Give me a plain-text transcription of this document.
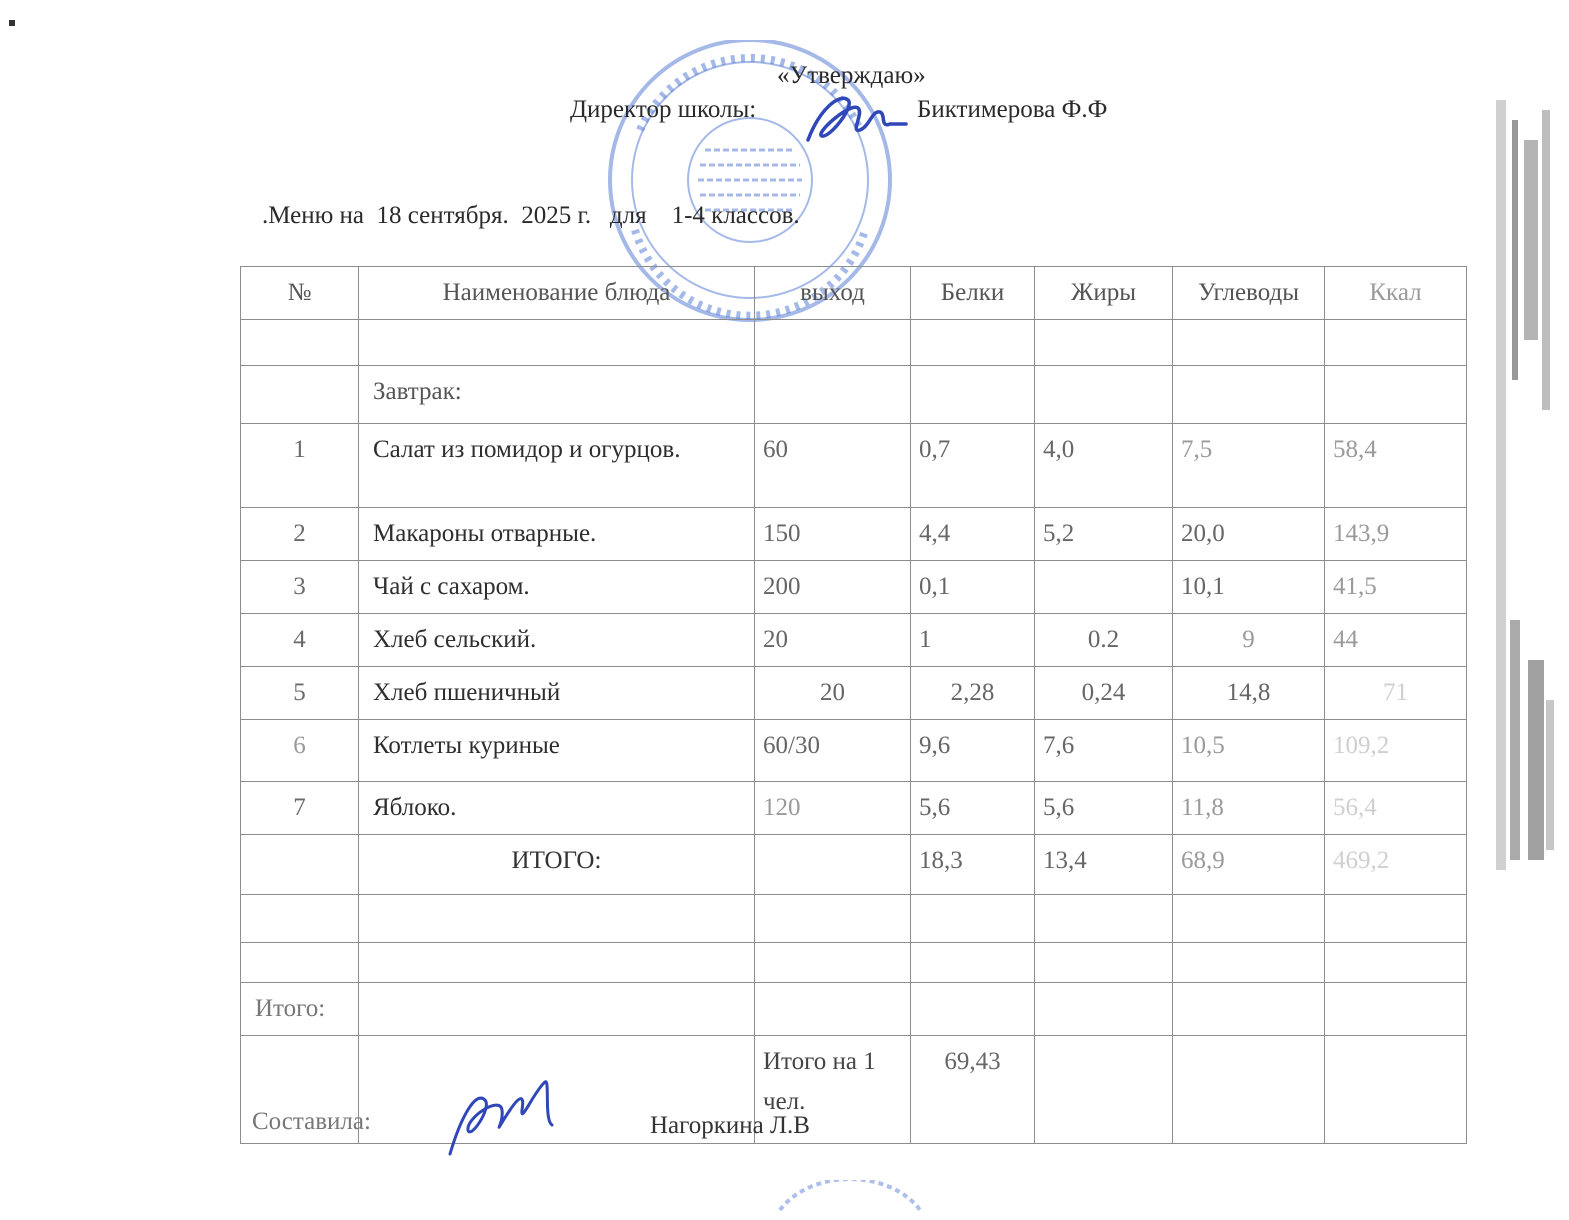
«Утверждаю»
Директор школы:	Биктимерова Ф.Ф
.Меню на  18 сентября.  2025 г.   для    1-4 классов.
№	Наименование блюда	выход	Белки	Жиры	Углеводы	Ккал

	Завтрак:					
1	Салат из помидор и огурцов.	60	0,7	4,0	7,5	58,4
2	Макароны отварные.	150	4,4	5,2	20,0	143,9
3	Чай с сахаром.	200	0,1		10,1	41,5
4	Хлеб сельский.	20	1	0.2	9	44
5	Хлеб пшеничный	20	2,28	0,24	14,8	71
6	Котлеты куриные	60/30	9,6	7,6	10,5	109,2
7	Яблоко.	120	5,6	5,6	11,8	56,4
	ИТОГО:		18,3	13,4	68,9	469,2

Итого:						
		Итого на 1 чел.	69,43			
Составила:	Нагоркина Л.В
